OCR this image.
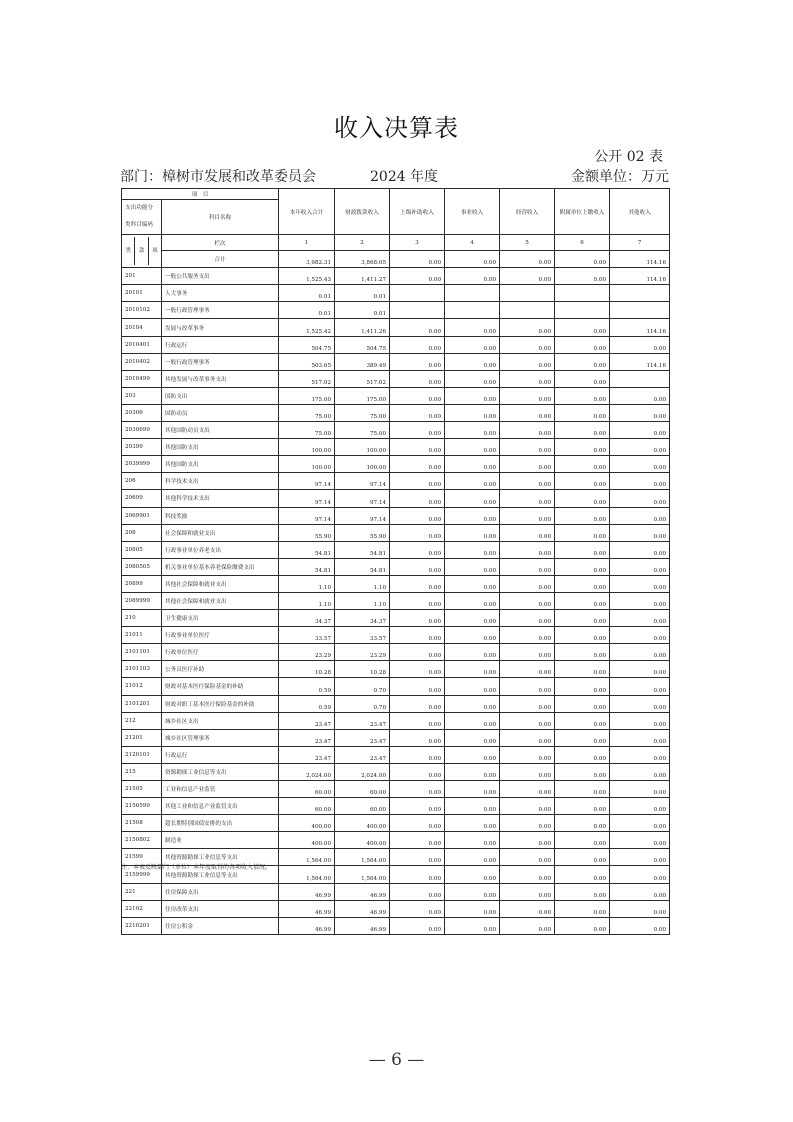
收入决算表
公开 02 表
部门：樟树市发展和改革委员会	2024 年度	金额单位：万元
项　目		本年收入合计	财政拨款收入	上级补助收入	事业收入	经营收入	附属单位上缴收入	其他收入

支出功能分
类科目编码	科目名称							

类 款 项	栏次	1	2	3	4	5	6	7
	合计	3,982.31	3,868.05	0.00	0.00	0.00	0.00	114.16
201	一般公共服务支出	1,525.43	1,411.27	0.00	0.00	0.00	0.00	114.16
20101	人大事务	0.01	0.01					
2010102	一般行政管理事务	0.01	0.01					
20104	发展与改革事务	1,525.42	1,411.26	0.00	0.00	0.00	0.00	114.16
2010401	行政运行	504.75	504.75	0.00	0.00	0.00	0.00	0.00
2010402	一般行政管理事务	503.65	389.49	0.00	0.00	0.00	0.00	114.16
2010499	其他发展与改革事务支出	517.02	517.02	0.00	0.00	0.00	0.00	
203	国防支出	175.00	175.00	0.00	0.00	0.00	0.00	0.00
20306	国防动员	75.00	75.00	0.00	0.00	0.00	0.00	0.00
2030699	其他国防动员支出	75.00	75.00	0.00	0.00	0.00	0.00	0.00
20399	其他国防支出	100.00	100.00	0.00	0.00	0.00	0.00	0.00
2039999	其他国防支出	100.00	100.00	0.00	0.00	0.00	0.00	0.00
206	科学技术支出	97.14	97.14	0.00	0.00	0.00	0.00	0.00
20699	其他科学技术支出	97.14	97.14	0.00	0.00	0.00	0.00	0.00
2069901	科技奖励	97.14	97.14	0.00	0.00	0.00	0.00	0.00
208	社会保障和就业支出	55.90	55.90	0.00	0.00	0.00	0.00	0.00
20805	行政事业单位养老支出	54.81	54.81	0.00	0.00	0.00	0.00	0.00
2080505	机关事业单位基本养老保险缴费支出	54.81	54.81	0.00	0.00	0.00	0.00	0.00
20899	其他社会保障和就业支出	1.10	1.10	0.00	0.00	0.00	0.00	0.00
2089999	其他社会保障和就业支出	1.10	1.10	0.00	0.00	0.00	0.00	0.00
210	卫生健康支出	34.37	34.37	0.00	0.00	0.00	0.00	0.00
21011	行政事业单位医疗	33.57	33.57	0.00	0.00	0.00	0.00	0.00
2101101	行政单位医疗	23.29	23.29	0.00	0.00	0.00	0.00	0.00
2101103	公务员医疗补助	10.28	10.28	0.00	0.00	0.00	0.00	0.00
21012	财政对基本医疗保险基金的补助	0.59	0.70	0.00	0.00	0.00	0.00	0.00
2101201	财政对职工基本医疗保险基金的补助	0.59	0.70	0.00	0.00	0.00	0.00	0.00
212	城乡社区支出	23.47	23.47	0.00	0.00	0.00	0.00	0.00
21201	城乡社区管理事务	23.47	23.47	0.00	0.00	0.00	0.00	0.00
2120101	行政运行	23.47	23.47	0.00	0.00	0.00	0.00	0.00
215	资源勘探工业信息等支出	2,024.00	2,024.00	0.00	0.00	0.00	0.00	0.00
21505	工业和信息产业监管	60.00	60.00	0.00	0.00	0.00	0.00	0.00
2150599	其他工业和信息产业监管支出	60.00	60.00	0.00	0.00	0.00	0.00	0.00
21508	超长期特别国债安排的支出	400.00	400.00	0.00	0.00	0.00	0.00	0.00
2150802	制造业	400.00	400.00	0.00	0.00	0.00	0.00	0.00
21599	其他资源勘探工业信息等支出	1,564.00	1,564.00	0.00	0.00	0.00	0.00	0.00
2159999	其他资源勘探工业信息等支出	1,564.00	1,564.00	0.00	0.00	0.00	0.00	0.00
221	住房保障支出	46.99	46.99	0.00	0.00	0.00	0.00	0.00
22102	住房改革支出	46.99	46.99	0.00	0.00	0.00	0.00	0.00
2210201	住房公积金	46.99	46.99	0.00	0.00	0.00	0.00	0.00
注：本表反映部门（单位）本年度取得的各项收入情况。
— 6 —
